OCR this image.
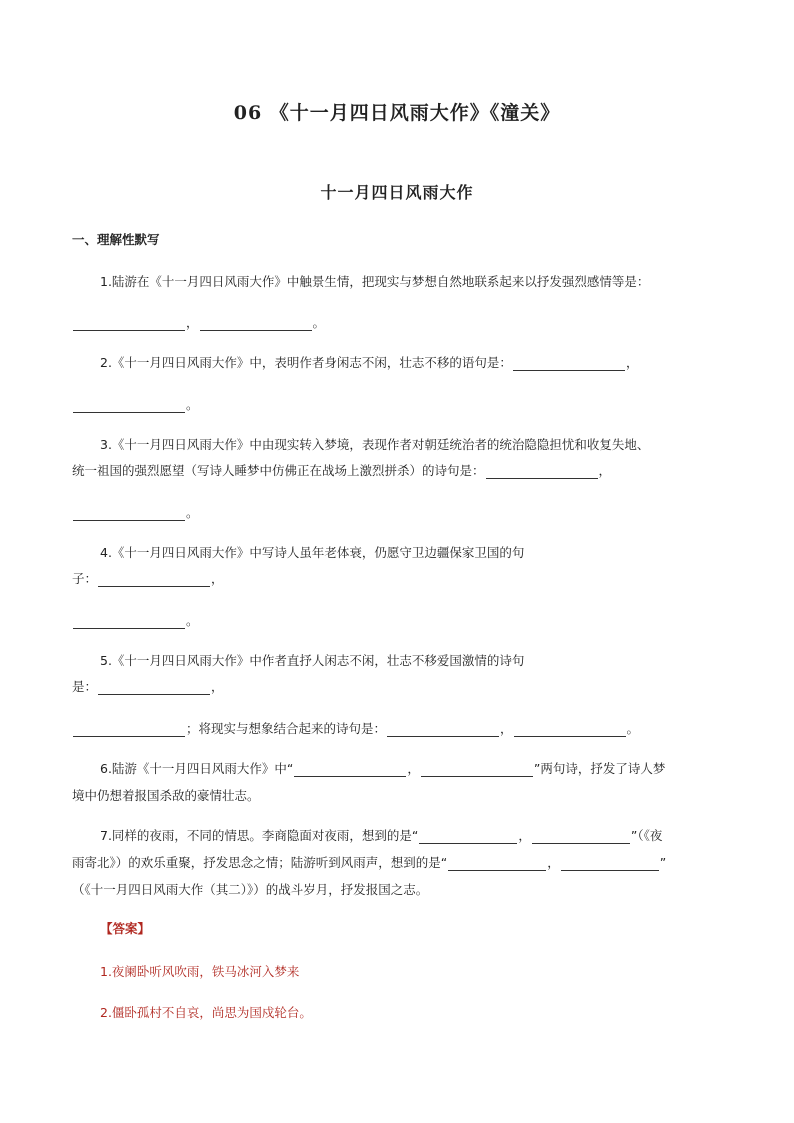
06 《十一月四日风雨大作》《潼关》
十一月四日风雨大作
一、理解性默写
1.陆游在《十一月四日风雨大作》中触景生情，把现实与梦想自然地联系起来以抒发强烈感情等是：
，	。
2.《十一月四日风雨大作》中，表明作者身闲志不闲，壮志不移的语句是：	，
。
3.《十一月四日风雨大作》中由现实转入梦境，表现作者对朝廷统治者的统治隐隐担忧和收复失地、
统一祖国的强烈愿望（写诗人睡梦中仿佛正在战场上激烈拼杀）的诗句是：	，
。
4.《十一月四日风雨大作》中写诗人虽年老体衰，仍愿守卫边疆保家卫国的句
子：	，
。
5.《十一月四日风雨大作》中作者直抒人闲志不闲，壮志不移爱国激情的诗句
是：	，
；将现实与想象结合起来的诗句是：	，	。
6.陆游《十一月四日风雨大作》中“	，	”两句诗，抒发了诗人梦
境中仍想着报国杀敌的豪情壮志。
7.同样的夜雨，不同的情思。李商隐面对夜雨，想到的是“	，	”（《夜
雨寄北》）的欢乐重聚，抒发思念之情；陆游听到风雨声，想到的是“	，	”
（《十一月四日风雨大作（其二）》）的战斗岁月，抒发报国之志。
【答案】
1.夜阑卧听风吹雨，铁马冰河入梦来
2.僵卧孤村不自哀，尚思为国戍轮台。
